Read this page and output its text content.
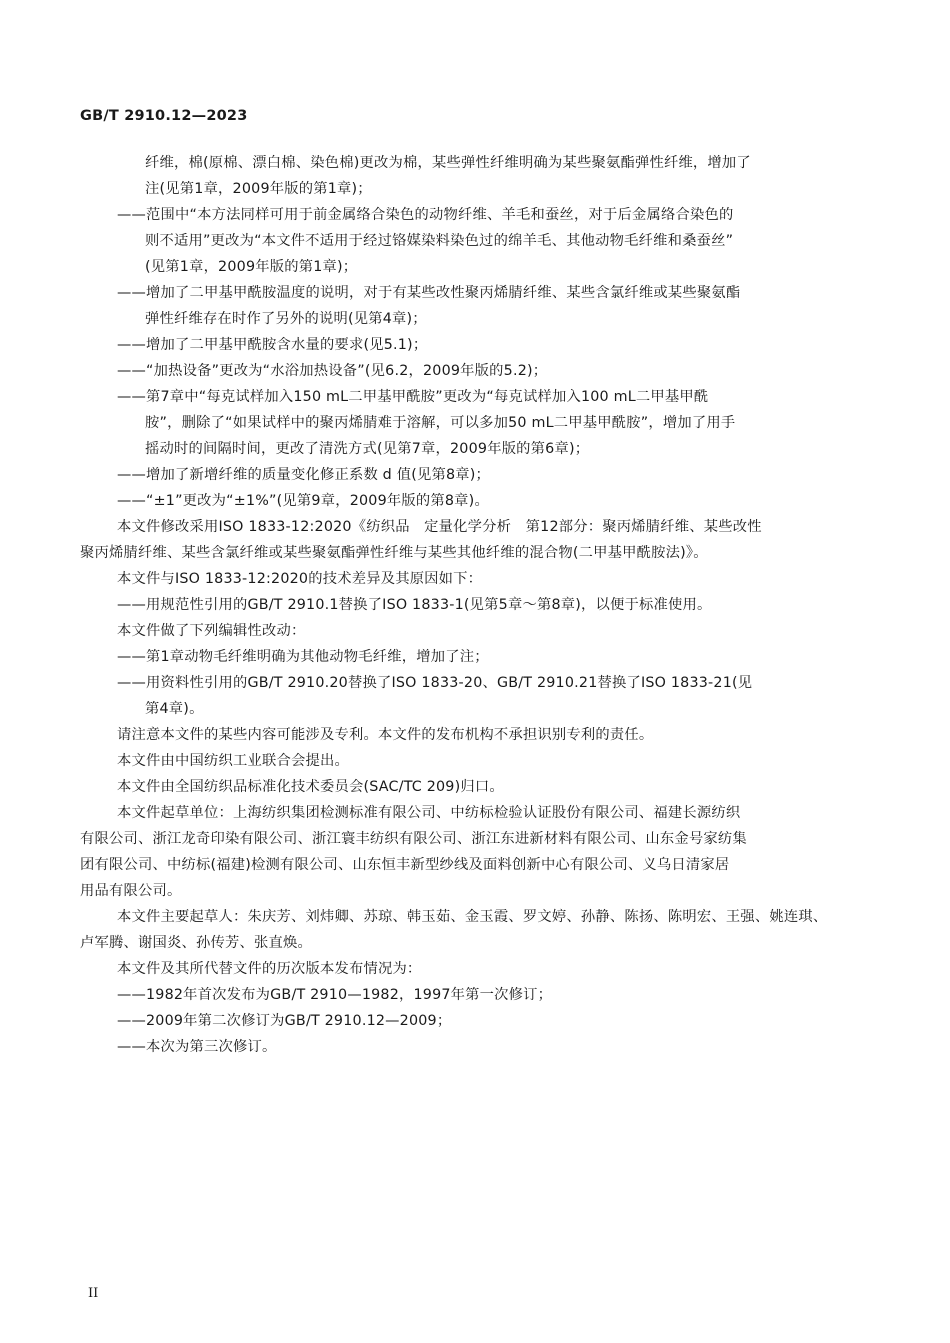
GB/T 2910.12—2023
纤维，棉(原棉、漂白棉、染色棉)更改为棉，某些弹性纤维明确为某些聚氨酯弹性纤维，增加了
注(见第1章，2009年版的第1章)；
——范围中“本方法同样可用于前金属络合染色的动物纤维、羊毛和蚕丝，对于后金属络合染色的
则不适用”更改为“本文件不适用于经过铬媒染料染色过的绵羊毛、其他动物毛纤维和桑蚕丝”
(见第1章，2009年版的第1章)；
——增加了二甲基甲酰胺温度的说明，对于有某些改性聚丙烯腈纤维、某些含氯纤维或某些聚氨酯
弹性纤维存在时作了另外的说明(见第4章)；
——增加了二甲基甲酰胺含水量的要求(见5.1)；
——“加热设备”更改为“水浴加热设备”(见6.2，2009年版的5.2)；
——第7章中“每克试样加入150 mL二甲基甲酰胺”更改为“每克试样加入100 mL二甲基甲酰
胺”，删除了“如果试样中的聚丙烯腈难于溶解，可以多加50 mL二甲基甲酰胺”，增加了用手
摇动时的间隔时间，更改了清洗方式(见第7章，2009年版的第6章)；
——增加了新增纤维的质量变化修正系数 d 值(见第8章)；
——“±1”更改为“±1%”(见第9章，2009年版的第8章)。
本文件修改采用ISO 1833-12:2020《纺织品　定量化学分析　第12部分：聚丙烯腈纤维、某些改性
聚丙烯腈纤维、某些含氯纤维或某些聚氨酯弹性纤维与某些其他纤维的混合物(二甲基甲酰胺法)》。
本文件与ISO 1833-12:2020的技术差异及其原因如下：
——用规范性引用的GB/T 2910.1替换了ISO 1833-1(见第5章～第8章)，以便于标准使用。
本文件做了下列编辑性改动：
——第1章动物毛纤维明确为其他动物毛纤维，增加了注；
——用资料性引用的GB/T 2910.20替换了ISO 1833-20、GB/T 2910.21替换了ISO 1833-21(见
第4章)。
请注意本文件的某些内容可能涉及专利。本文件的发布机构不承担识别专利的责任。
本文件由中国纺织工业联合会提出。
本文件由全国纺织品标准化技术委员会(SAC/TC 209)归口。
本文件起草单位：上海纺织集团检测标准有限公司、中纺标检验认证股份有限公司、福建长源纺织
有限公司、浙江龙奇印染有限公司、浙江寰丰纺织有限公司、浙江东进新材料有限公司、山东金号家纺集
团有限公司、中纺标(福建)检测有限公司、山东恒丰新型纱线及面料创新中心有限公司、义乌日清家居
用品有限公司。
本文件主要起草人：朱庆芳、刘炜卿、苏琼、韩玉茹、金玉霞、罗文婷、孙静、陈扬、陈明宏、王强、姚连琪、
卢军腾、谢国炎、孙传芳、张直焕。
本文件及其所代替文件的历次版本发布情况为：
——1982年首次发布为GB/T 2910—1982，1997年第一次修订；
——2009年第二次修订为GB/T 2910.12—2009；
——本次为第三次修订。
II
